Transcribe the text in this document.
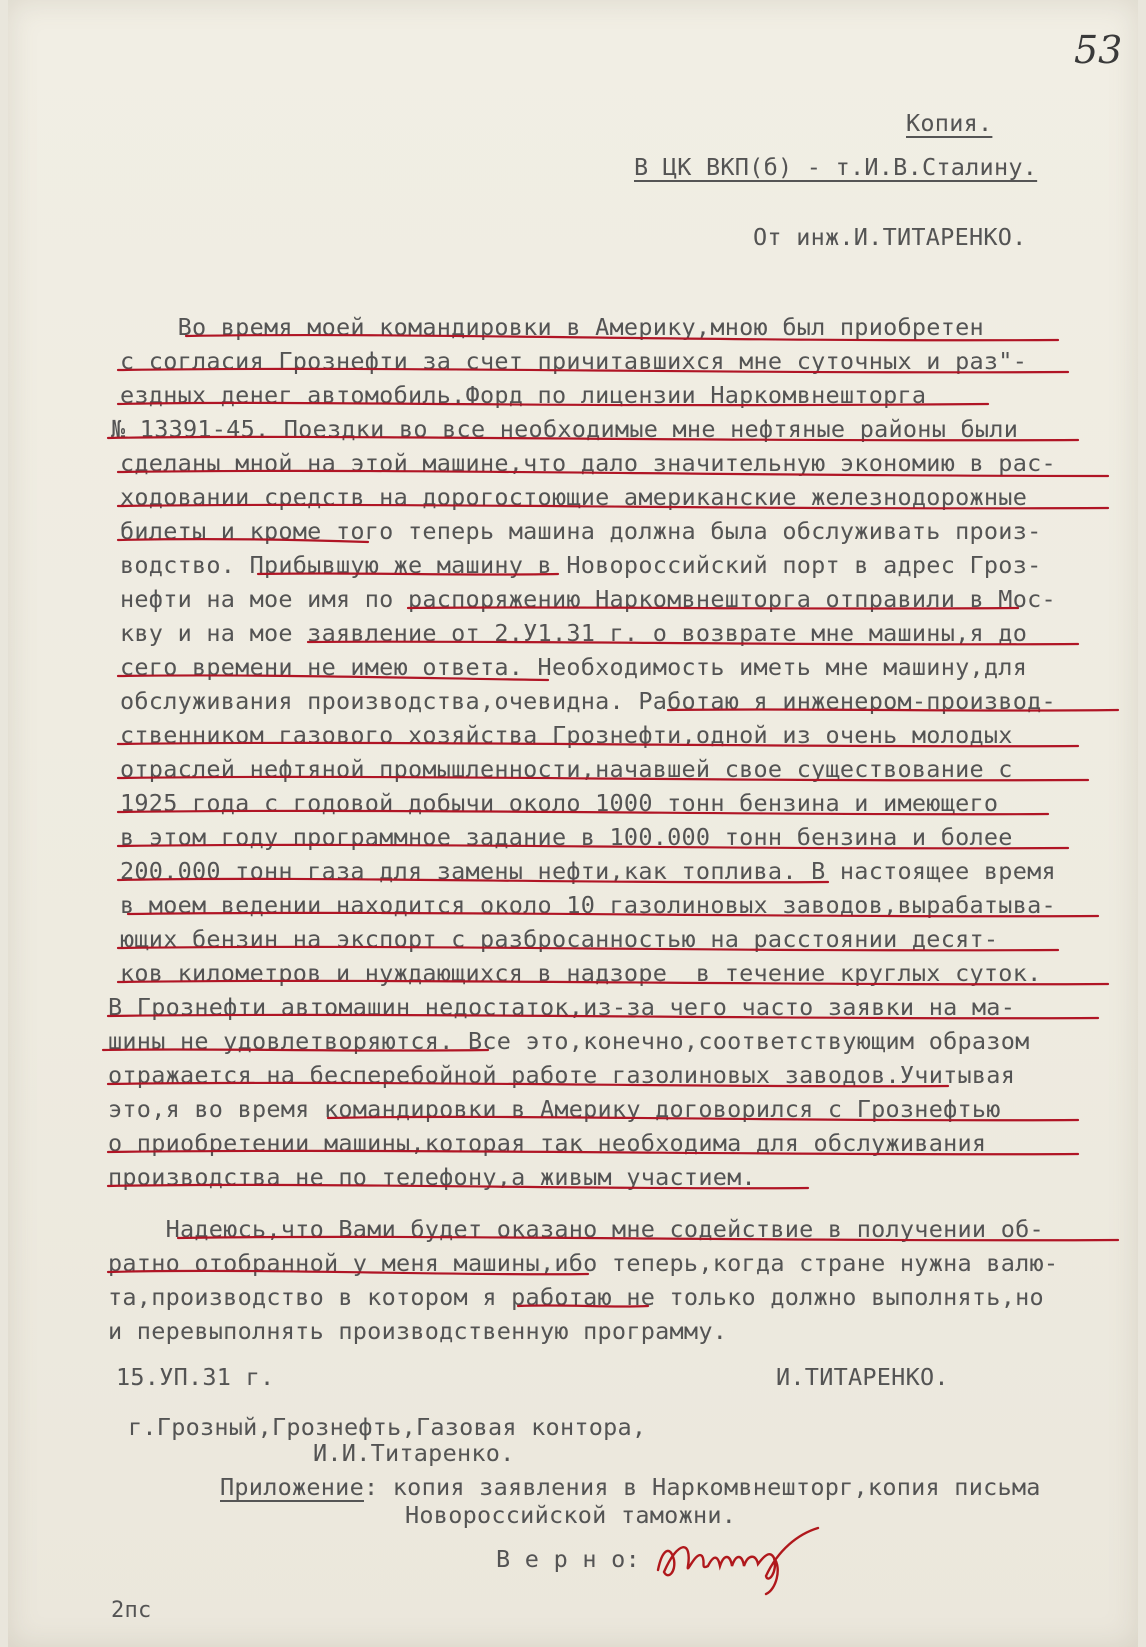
53
Копия.
В ЦК ВКП(б) - т.И.В.Сталину.
От инж.И.ТИТАРЕНКО.
Во время моей командировки в Америку,мною был приобретен
с согласия Грознефти за счет причитавшихся мне суточных и раз"-
ездных денег автомобиль.Форд по лицензии Наркомвнешторга
№ 13391-45. Поездки во все необходимые мне нефтяные районы были
сделаны мной на этой машине,что дало значительную экономию в рас-
ходовании средств на дорогостоющие американские железнодорожные
билеты и кроме того теперь машина должна была обслуживать произ-
водство. Прибывшую же машину в Новороссийский порт в адрес Гроз-
нефти на мое имя по распоряжению Наркомвнешторга отправили в Мос-
кву и на мое заявление от 2.У1.31 г. о возврате мне машины,я до
сего времени не имею ответа. Необходимость иметь мне машину,для
обслуживания производства,очевидна. Работаю я инженером-производ-
ственником газового хозяйства Грознефти,одной из очень молодых
отраслей нефтяной промышленности,начавшей свое существование с
1925 года с годовой добычи около 1000 тонн бензина и имеющего
в этом году программное задание в 100.000 тонн бензина и более
200.000 тонн газа для замены нефти,как топлива. В настоящее время
в моем ведении находится около 10 газолиновых заводов,вырабатыва-
ющих бензин на экспорт с разбросанностью на расстоянии десят-
ков километров и нуждающихся в надзоре  в течение круглых суток.
В Грознефти автомашин недостаток,из-за чего часто заявки на ма-
шины не удовлетворяются. Все это,конечно,соответствующим образом
отражается на бесперебойной работе газолиновых заводов.Учитывая
это,я во время командировки в Америку договорился с Грознефтью
о приобретении машины,которая так необходима для обслуживания
производства не по телефону,а живым участием.
Надеюсь,что Вами будет оказано мне содействие в получении об-
ратно отобранной у меня машины,ибо теперь,когда стране нужна валю-
та,производство в котором я работаю не только должно выполнять,но
и перевыполнять производственную программу.
15.УП.31 г.	И.ТИТАРЕНКО.
г.Грозный,Грознефть,Газовая контора,
И.И.Титаренко.
Приложение: копия заявления в Наркомвнешторг,копия письма
Новороссийской таможни.
В е р н о:
2пс
